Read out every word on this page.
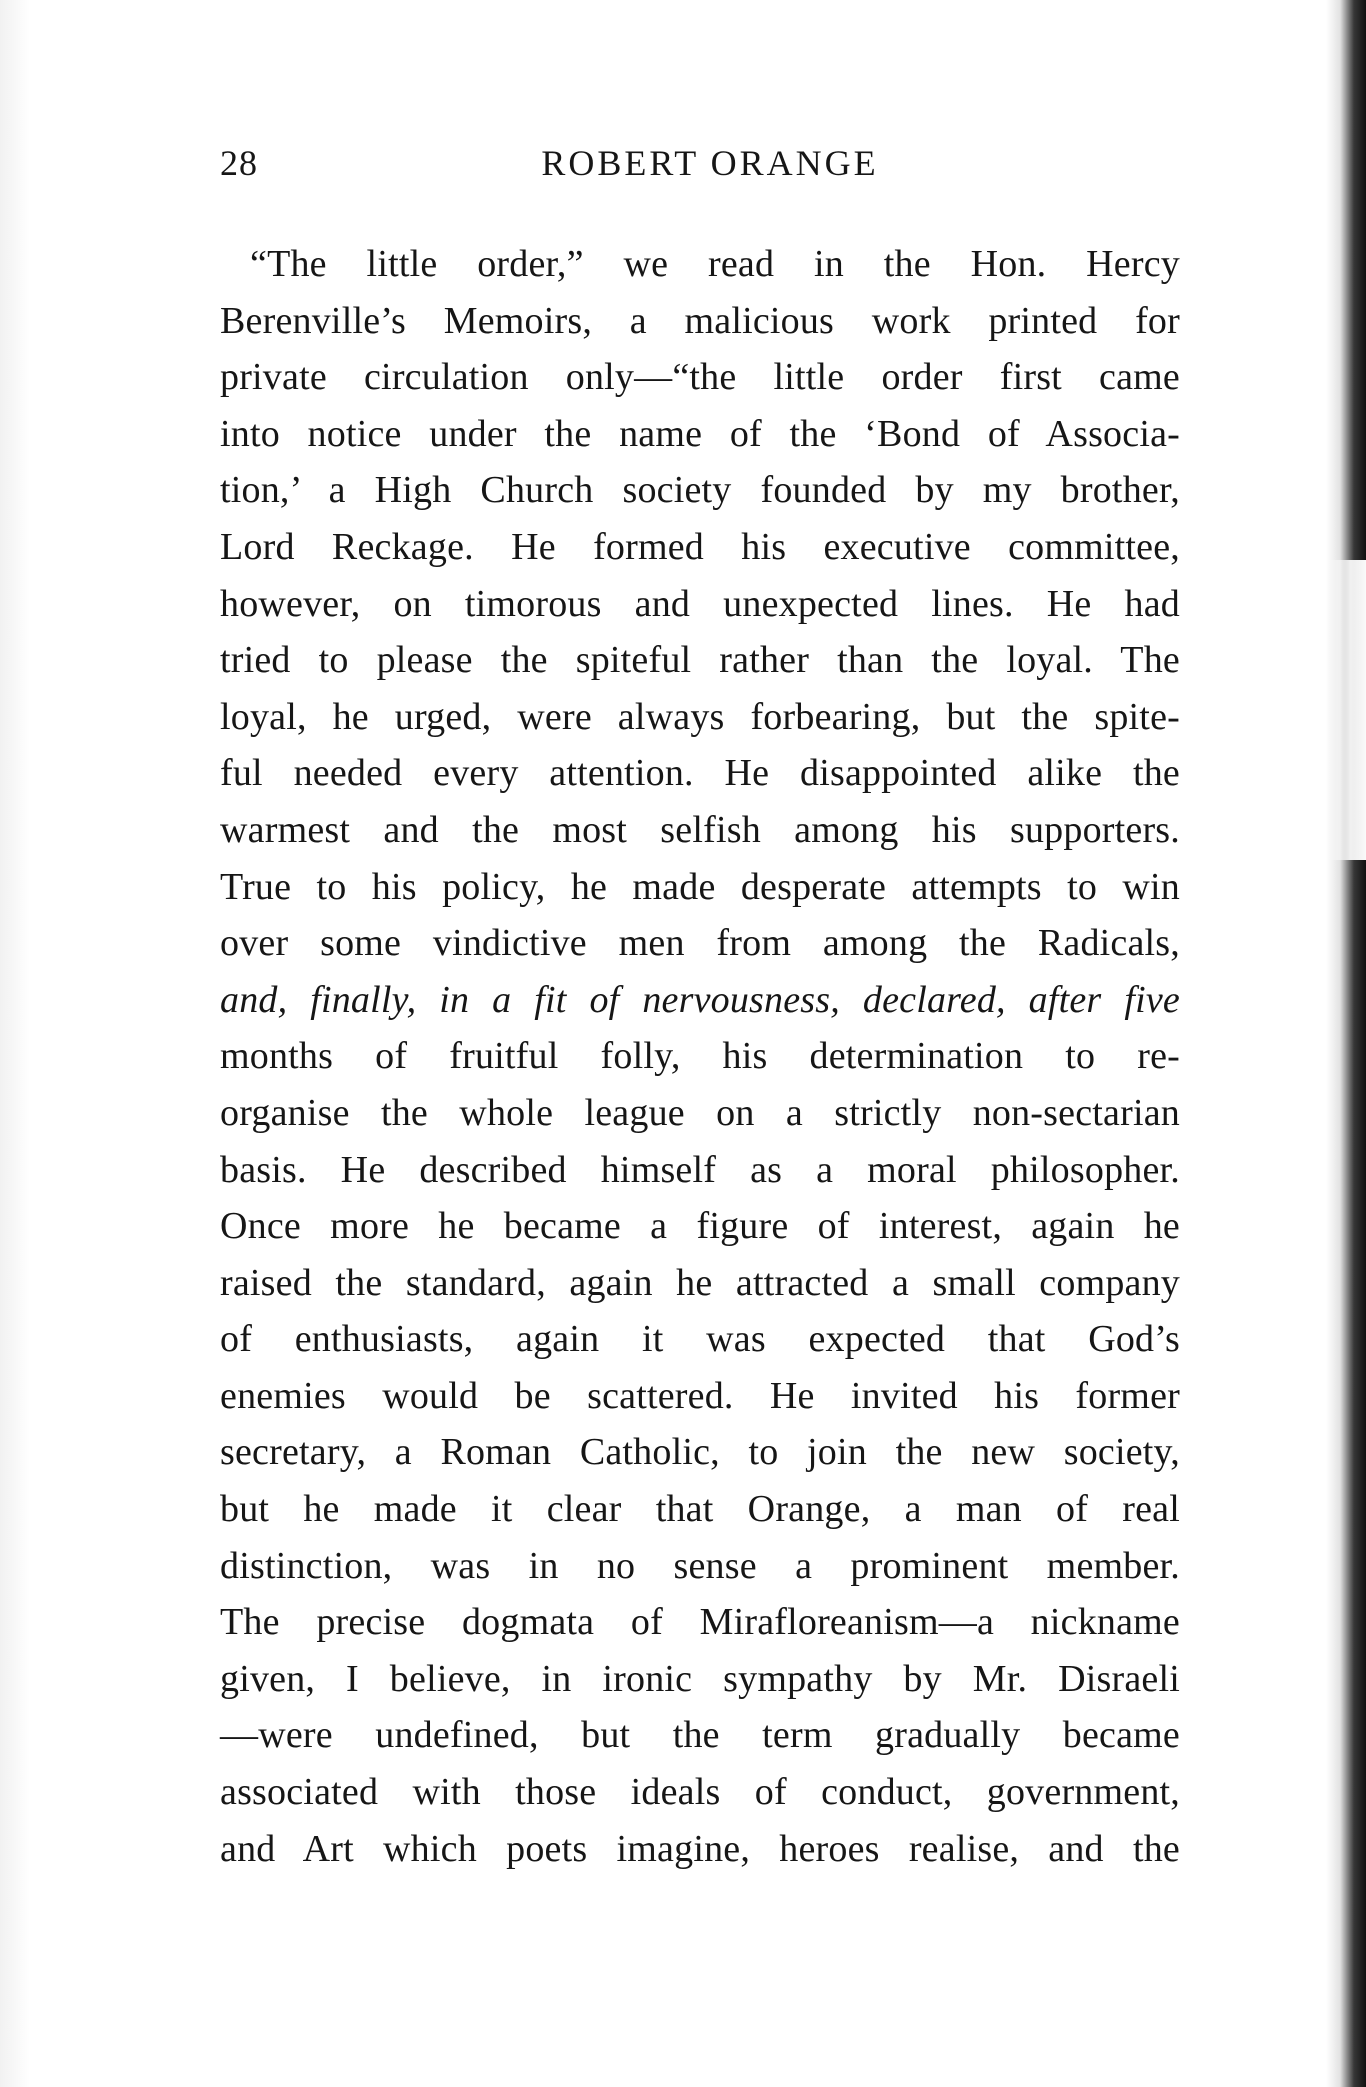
28	ROBERT ORANGE
“The little order,” we read in the Hon. Hercy
Berenville’s Memoirs, a malicious work printed for
private circulation only—“the little order first came
into notice under the name of the ‘Bond of Associa-
tion,’ a High Church society founded by my brother,
Lord Reckage. He formed his executive committee,
however, on timorous and unexpected lines. He had
tried to please the spiteful rather than the loyal. The
loyal, he urged, were always forbearing, but the spite-
ful needed every attention. He disappointed alike the
warmest and the most selfish among his supporters.
True to his policy, he made desperate attempts to win
over some vindictive men from among the Radicals,
and, finally, in a fit of nervousness, declared, after five
months of fruitful folly, his determination to re-
organise the whole league on a strictly non-sectarian
basis. He described himself as a moral philosopher.
Once more he became a figure of interest, again he
raised the standard, again he attracted a small company
of enthusiasts, again it was expected that God’s
enemies would be scattered. He invited his former
secretary, a Roman Catholic, to join the new society,
but he made it clear that Orange, a man of real
distinction, was in no sense a prominent member.
The precise dogmata of Mirafloreanism—a nickname
given, I believe, in ironic sympathy by Mr. Disraeli
—were undefined, but the term gradually became
associated with those ideals of conduct, government,
and Art which poets imagine, heroes realise, and the
